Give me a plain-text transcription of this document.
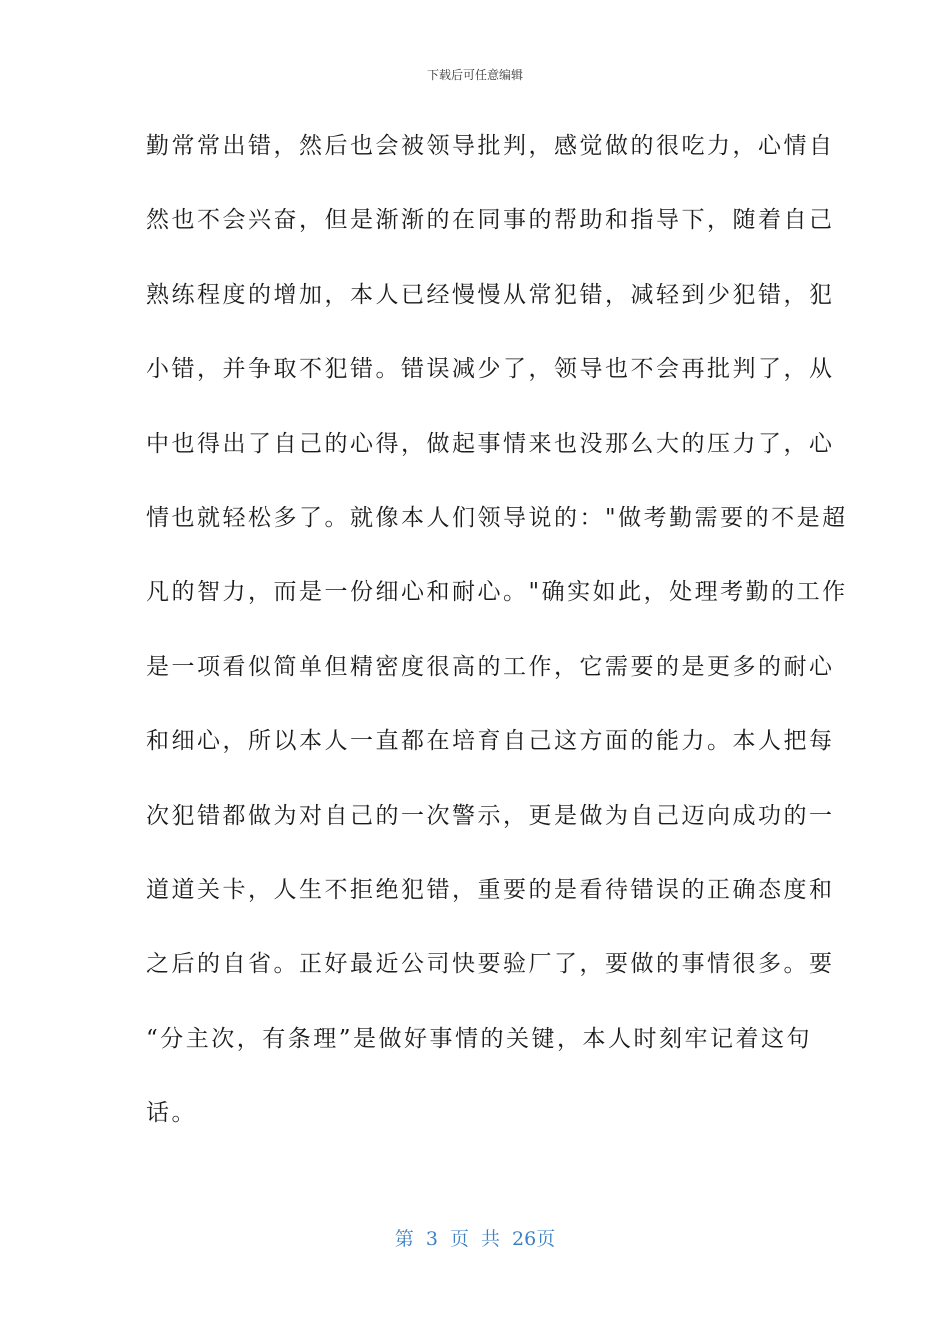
下载后可任意编辑
勤常常出错，然后也会被领导批判，感觉做的很吃力，心情自
然也不会兴奋，但是渐渐的在同事的帮助和指导下，随着自己
熟练程度的增加，本人已经慢慢从常犯错，减轻到少犯错，犯
小错，并争取不犯错。错误减少了，领导也不会再批判了，从
中也得出了自己的心得，做起事情来也没那么大的压力了，心
情也就轻松多了。就像本人们领导说的："做考勤需要的不是超
凡的智力，而是一份细心和耐心。"确实如此，处理考勤的工作
是一项看似简单但精密度很高的工作，它需要的是更多的耐心
和细心，所以本人一直都在培育自己这方面的能力。本人把每
次犯错都做为对自己的一次警示，更是做为自己迈向成功的一
道道关卡，人生不拒绝犯错，重要的是看待错误的正确态度和
之后的自省。正好最近公司快要验厂了，要做的事情很多。要
“分主次，有条理”是做好事情的关键，本人时刻牢记着这句
话。
第 3 页 共 26页
